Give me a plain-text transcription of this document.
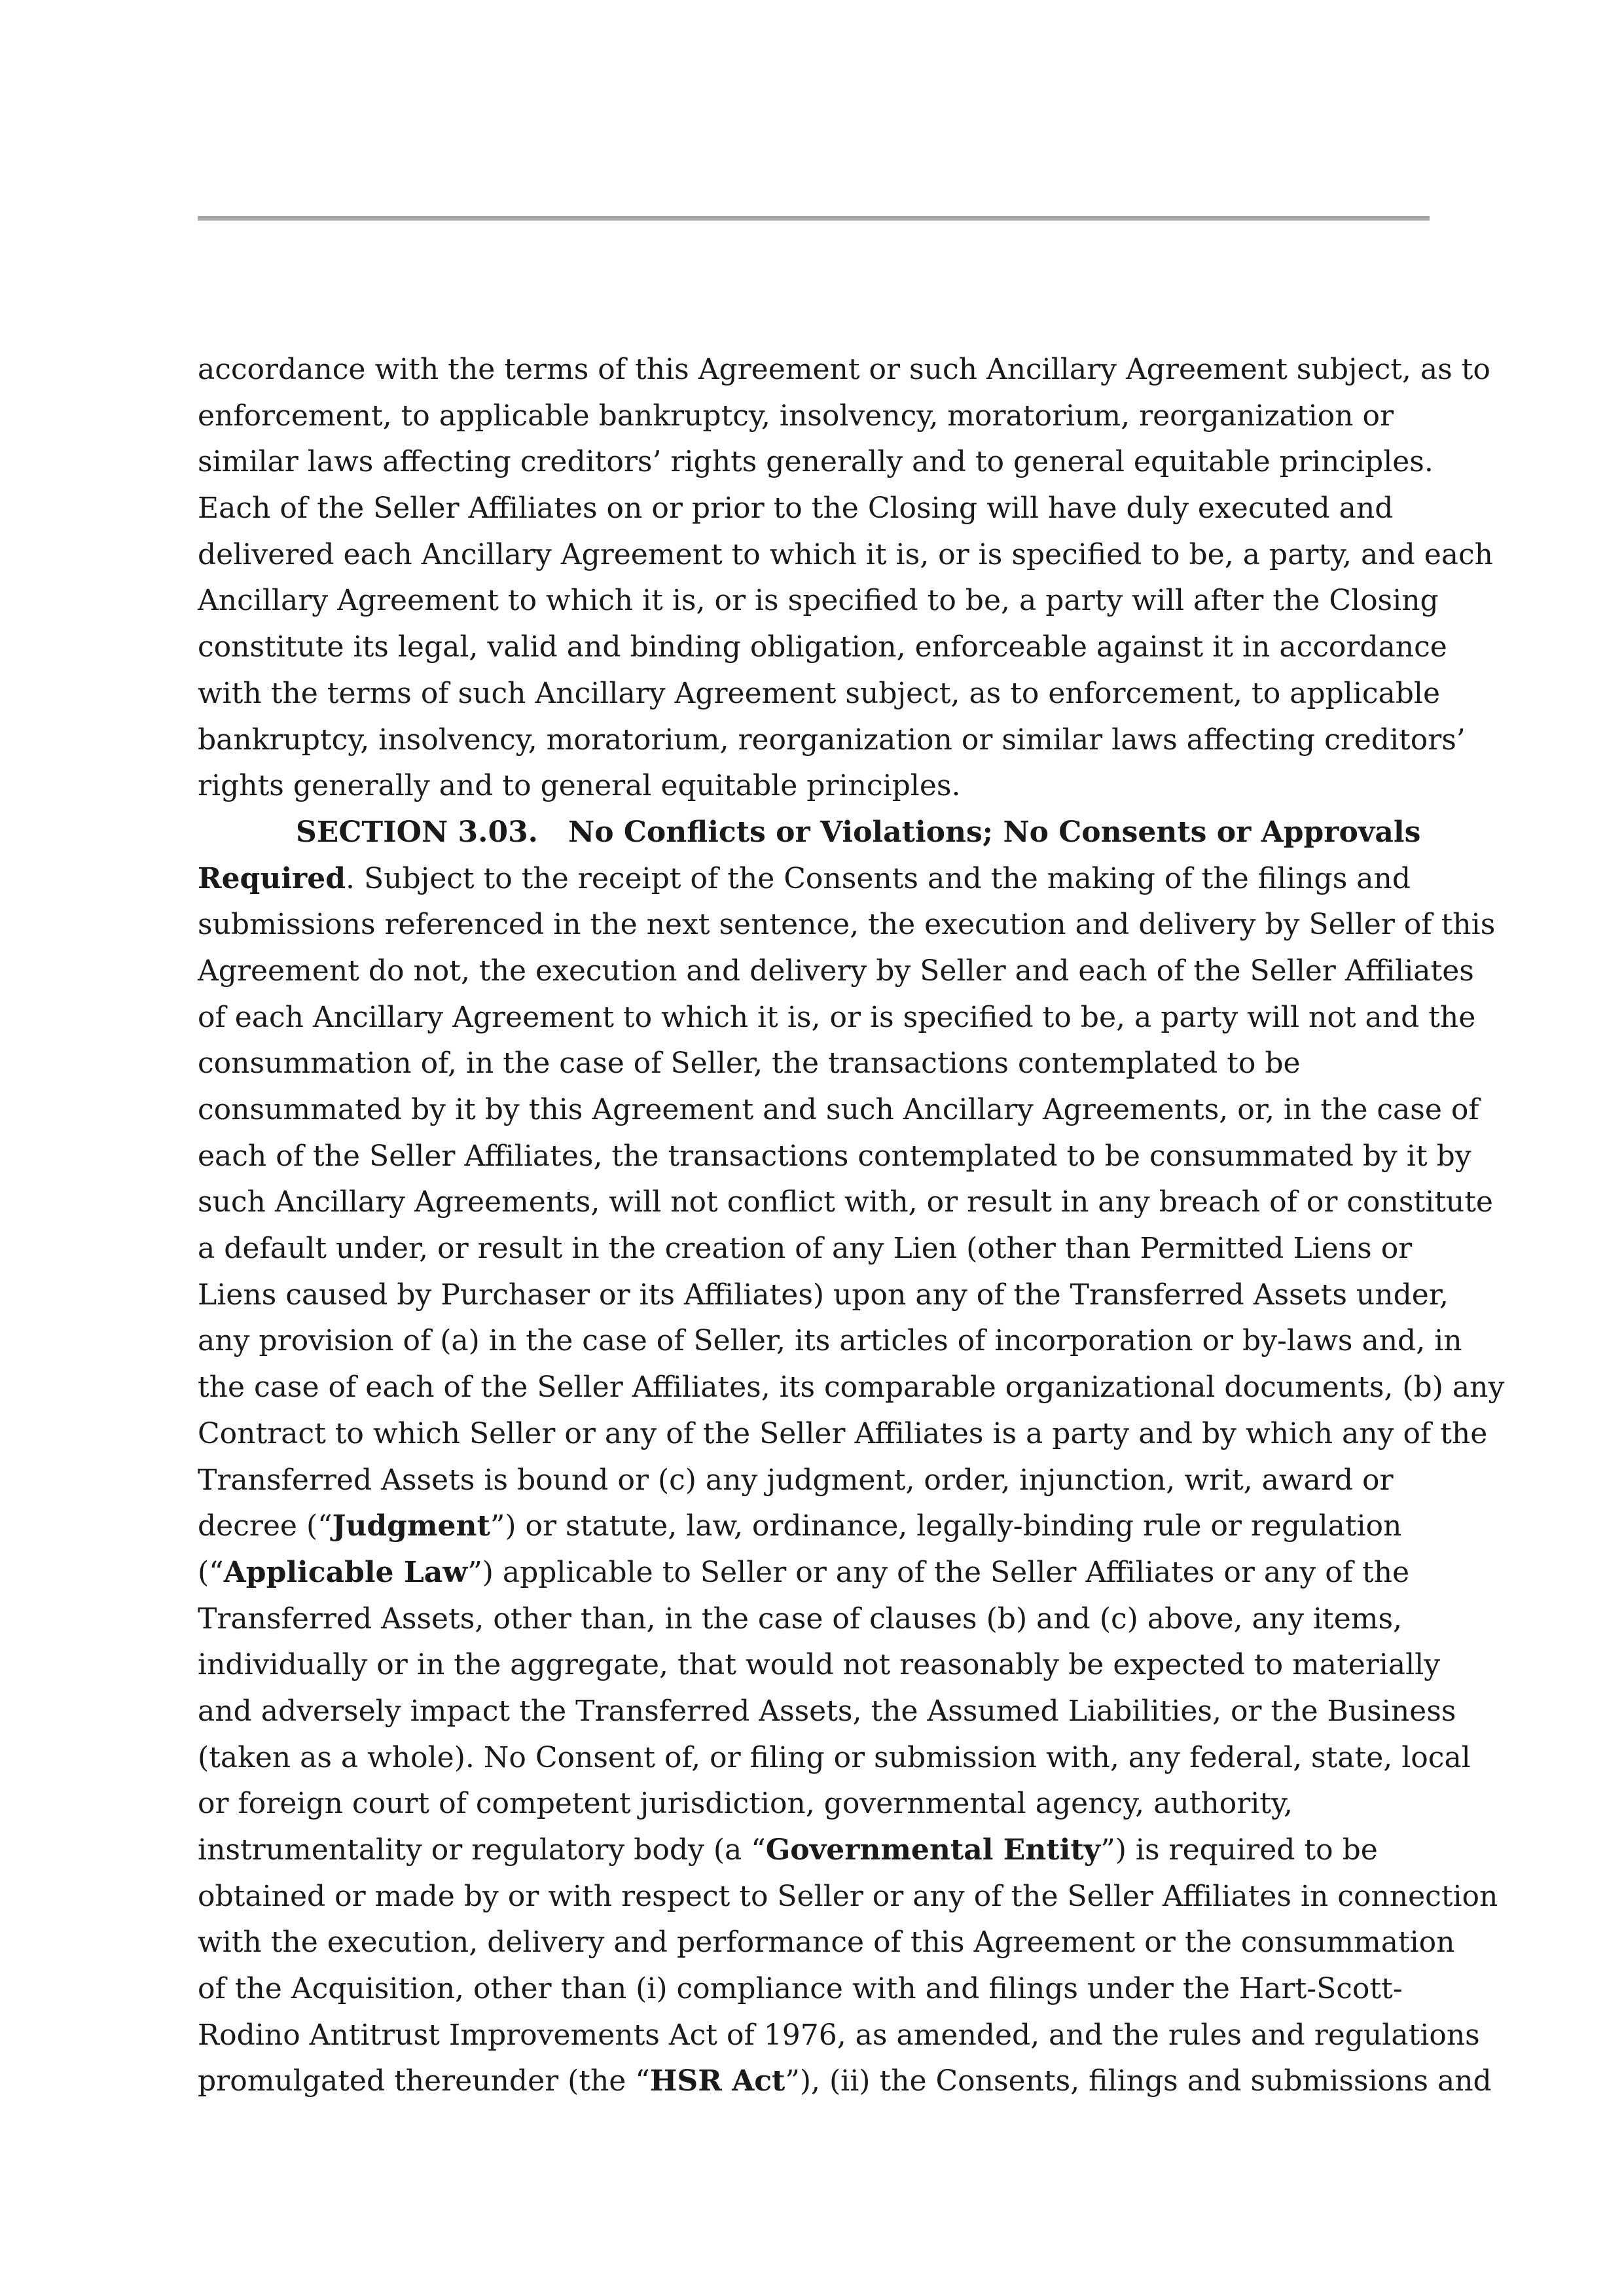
accordance with the terms of this Agreement or such Ancillary Agreement subject, as to
enforcement, to applicable bankruptcy, insolvency, moratorium, reorganization or
similar laws affecting creditors’ rights generally and to general equitable principles.
Each of the Seller Affiliates on or prior to the Closing will have duly executed and
delivered each Ancillary Agreement to which it is, or is specified to be, a party, and each
Ancillary Agreement to which it is, or is specified to be, a party will after the Closing
constitute its legal, valid and binding obligation, enforceable against it in accordance
with the terms of such Ancillary Agreement subject, as to enforcement, to applicable
bankruptcy, insolvency, moratorium, reorganization or similar laws affecting creditors’
rights generally and to general equitable principles.
SECTION 3.03. No Conflicts or Violations; No Consents or Approvals
Required. Subject to the receipt of the Consents and the making of the filings and
submissions referenced in the next sentence, the execution and delivery by Seller of this
Agreement do not, the execution and delivery by Seller and each of the Seller Affiliates
of each Ancillary Agreement to which it is, or is specified to be, a party will not and the
consummation of, in the case of Seller, the transactions contemplated to be
consummated by it by this Agreement and such Ancillary Agreements, or, in the case of
each of the Seller Affiliates, the transactions contemplated to be consummated by it by
such Ancillary Agreements, will not conflict with, or result in any breach of or constitute
a default under, or result in the creation of any Lien (other than Permitted Liens or
Liens caused by Purchaser or its Affiliates) upon any of the Transferred Assets under,
any provision of (a) in the case of Seller, its articles of incorporation or by-laws and, in
the case of each of the Seller Affiliates, its comparable organizational documents, (b) any
Contract to which Seller or any of the Seller Affiliates is a party and by which any of the
Transferred Assets is bound or (c) any judgment, order, injunction, writ, award or
decree (“Judgment”) or statute, law, ordinance, legally-binding rule or regulation
(“Applicable Law”) applicable to Seller or any of the Seller Affiliates or any of the
Transferred Assets, other than, in the case of clauses (b) and (c) above, any items,
individually or in the aggregate, that would not reasonably be expected to materially
and adversely impact the Transferred Assets, the Assumed Liabilities, or the Business
(taken as a whole). No Consent of, or filing or submission with, any federal, state, local
or foreign court of competent jurisdiction, governmental agency, authority,
instrumentality or regulatory body (a “Governmental Entity”) is required to be
obtained or made by or with respect to Seller or any of the Seller Affiliates in connection
with the execution, delivery and performance of this Agreement or the consummation
of the Acquisition, other than (i) compliance with and filings under the Hart-Scott-
Rodino Antitrust Improvements Act of 1976, as amended, and the rules and regulations
promulgated thereunder (the “HSR Act”), (ii) the Consents, filings and submissions and
